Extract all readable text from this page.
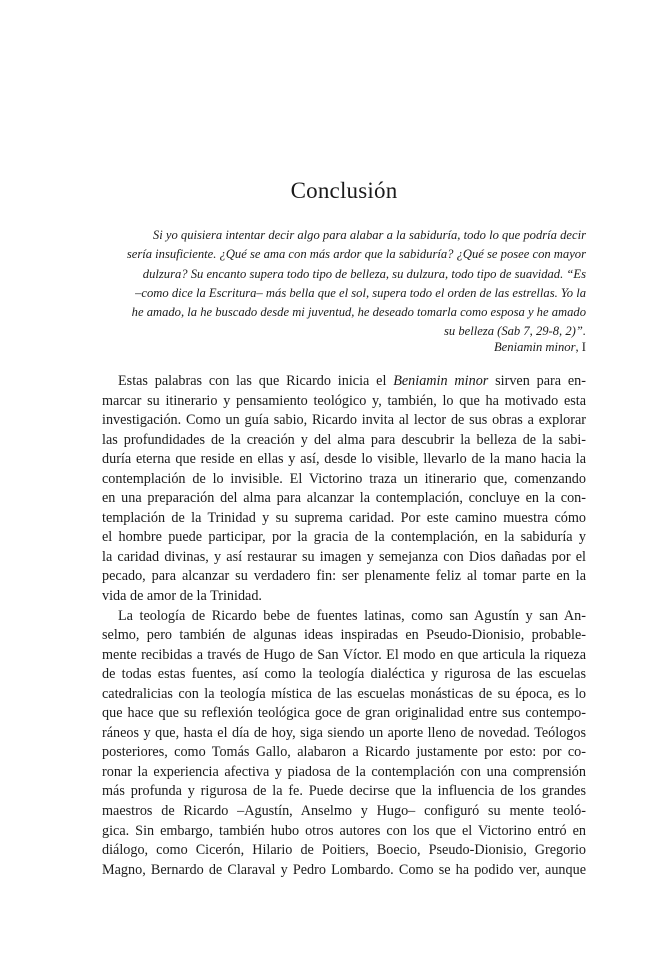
Conclusión

Si yo quisiera intentar decir algo para alabar a la sabiduría, todo lo que podría decir
sería insuficiente. ¿Qué se ama con más ardor que la sabiduría? ¿Qué se posee con mayor
dulzura? Su encanto supera todo tipo de belleza, su dulzura, todo tipo de suavidad. “Es
–como dice la Escritura– más bella que el sol, supera todo el orden de las estrellas. Yo la
he amado, la he buscado desde mi juventud, he deseado tomarla como esposa y he amado
su belleza (Sab 7, 29-8, 2)”.

Beniamin minor, I
Estas palabras con las que Ricardo inicia el Beniamin minor sirven para en-
marcar su itinerario y pensamiento teológico y, también, lo que ha motivado esta
investigación. Como un guía sabio, Ricardo invita al lector de sus obras a explorar
las profundidades de la creación y del alma para descubrir la belleza de la sabi-
duría eterna que reside en ellas y así, desde lo visible, llevarlo de la mano hacia la
contemplación de lo invisible. El Victorino traza un itinerario que, comenzando
en una preparación del alma para alcanzar la contemplación, concluye en la con-
templación de la Trinidad y su suprema caridad. Por este camino muestra cómo
el hombre puede participar, por la gracia de la contemplación, en la sabiduría y
la caridad divinas, y así restaurar su imagen y semejanza con Dios dañadas por el
pecado, para alcanzar su verdadero fin: ser plenamente feliz al tomar parte en la
vida de amor de la Trinidad.
La teología de Ricardo bebe de fuentes latinas, como san Agustín y san An-
selmo, pero también de algunas ideas inspiradas en Pseudo-Dionisio, probable-
mente recibidas a través de Hugo de San Víctor. El modo en que articula la riqueza
de todas estas fuentes, así como la teología dialéctica y rigurosa de las escuelas
catedralicias con la teología mística de las escuelas monásticas de su época, es lo
que hace que su reflexión teológica goce de gran originalidad entre sus contempo-
ráneos y que, hasta el día de hoy, siga siendo un aporte lleno de novedad. Teólogos
posteriores, como Tomás Gallo, alabaron a Ricardo justamente por esto: por co-
ronar la experiencia afectiva y piadosa de la contemplación con una comprensión
más profunda y rigurosa de la fe. Puede decirse que la influencia de los grandes
maestros de Ricardo –Agustín, Anselmo y Hugo– configuró su mente teoló-
gica. Sin embargo, también hubo otros autores con los que el Victorino entró en
diálogo, como Cicerón, Hilario de Poitiers, Boecio, Pseudo-Dionisio, Gregorio
Magno, Bernardo de Claraval y Pedro Lombardo. Como se ha podido ver, aunque
